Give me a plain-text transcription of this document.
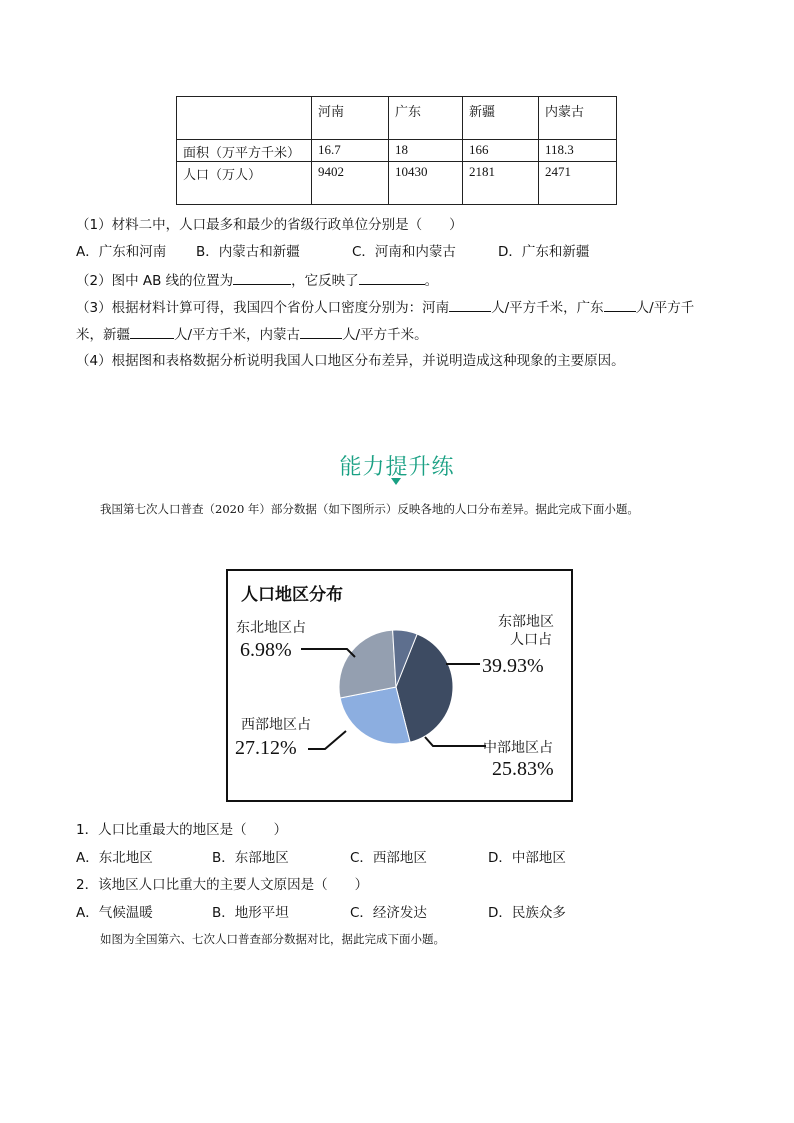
	河南	广东	新疆	内蒙古
面积（万平方千米）	16.7	18	166	118.3
人口（万人）	9402	10430	2181	2471
（1）材料二中，人口最多和最少的省级行政单位分别是（　　）
A．广东和河南 B．内蒙古和新疆	C．河南和内蒙古	D．广东和新疆
（2）图中 AB 线的位置为	，它反映了	。
（3）根据材料计算可得，我国四个省份人口密度分别为：河南	人/平方千米，广东 人/平方千
米，新疆	人/平方千米，内蒙古	人/平方千米。
（4）根据图和表格数据分析说明我国人口地区分布差异，并说明造成这种现象的主要原因。
能力提升练
我国第七次人口普查（2020 年）部分数据（如下图所示）反映各地的人口分布差异。据此完成下面小题。
人口地区分布
东北地区占
6.98%
东部地区
人口占
39.93%
西部地区占
27.12%	中部地区占
25.83%
1．人口比重最大的地区是（　　）
A．东北地区	B．东部地区	C．西部地区	D．中部地区
2．该地区人口比重大的主要人文原因是（　　）
A．气候温暖	B．地形平坦	C．经济发达	D．民族众多
如图为全国第六、七次人口普查部分数据对比，据此完成下面小题。
